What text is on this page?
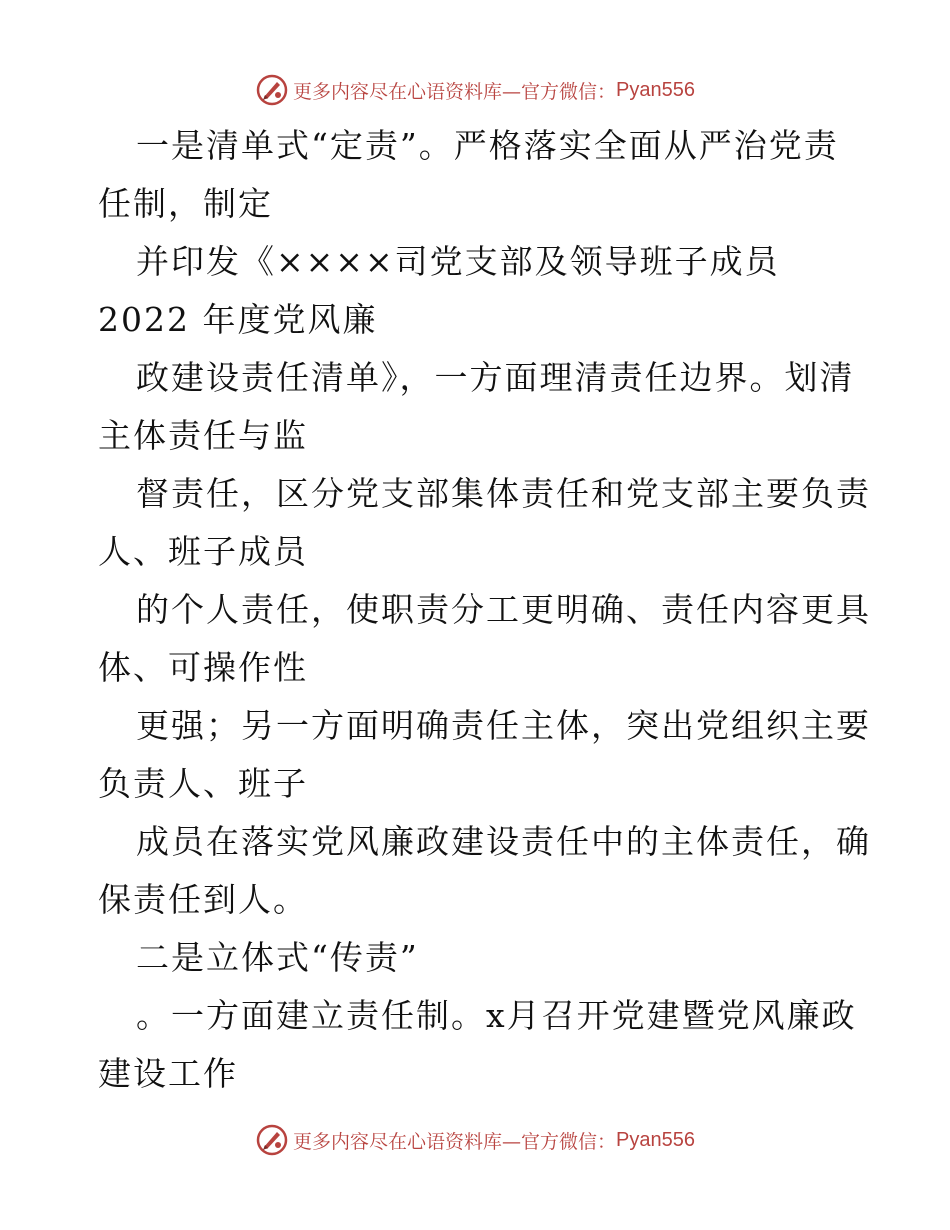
更多内容尽在心语资料库—官方微信： Pyan556
一是清单式“定责”。严格落实全面从严治党责
任制，制定
并印发《××××司党支部及领导班子成员
2022 年度党风廉
政建设责任清单》，一方面理清责任边界。划清
主体责任与监
督责任，区分党支部集体责任和党支部主要负责
人、班子成员
的个人责任，使职责分工更明确、责任内容更具
体、可操作性
更强；另一方面明确责任主体，突出党组织主要
负责人、班子
成员在落实党风廉政建设责任中的主体责任，确
保责任到人。
二是立体式“传责”
。一方面建立责任制。x月召开党建暨党风廉政
建设工作
更多内容尽在心语资料库—官方微信： Pyan556
